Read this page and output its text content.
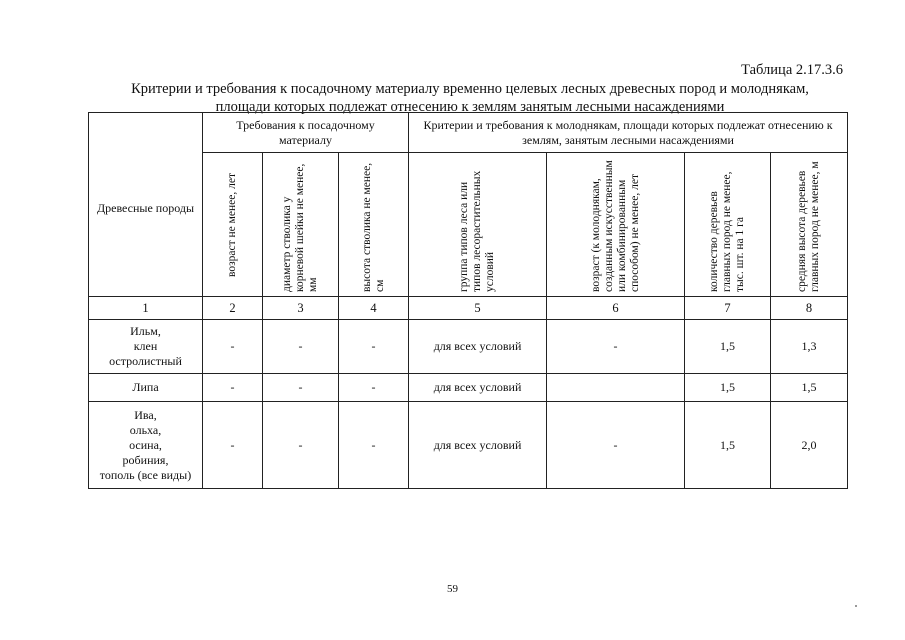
Таблица 2.17.3.6
Критерии и требования к посадочному материалу временно целевых лесных древесных пород и молоднякам,
площади которых подлежат отнесению к землям занятым лесными насаждениями
Древесные породы	Требования к посадочному материалу			Критерии и требования к молоднякам, площади которых подлежат отнесению к землям, занятым лесными насаждениями			

	возраст не менее, лет	диаметр стволика у корневой шейки не менее, мм	высота стволика не менее, см	группа типов леса или типов лесорастительных условий	возраст (к молоднякам, созданным искусственным или комбинированным способом) не менее, лет	количество деревьев главных пород не менее, тыс. шт. на 1 га	средняя высота деревьев главных пород не менее, м

1	2	3	4	5	6	7	8

Ильм,
клен
остролистный	-	-	-	для всех условий	-	1,5	1,3

Липа	-	-	-	для всех условий		1,5	1,5

Ива,
ольха,
осина,
робиния,
тополь (все виды)	-	-	-	для всех условий	-	1,5	2,0
59
